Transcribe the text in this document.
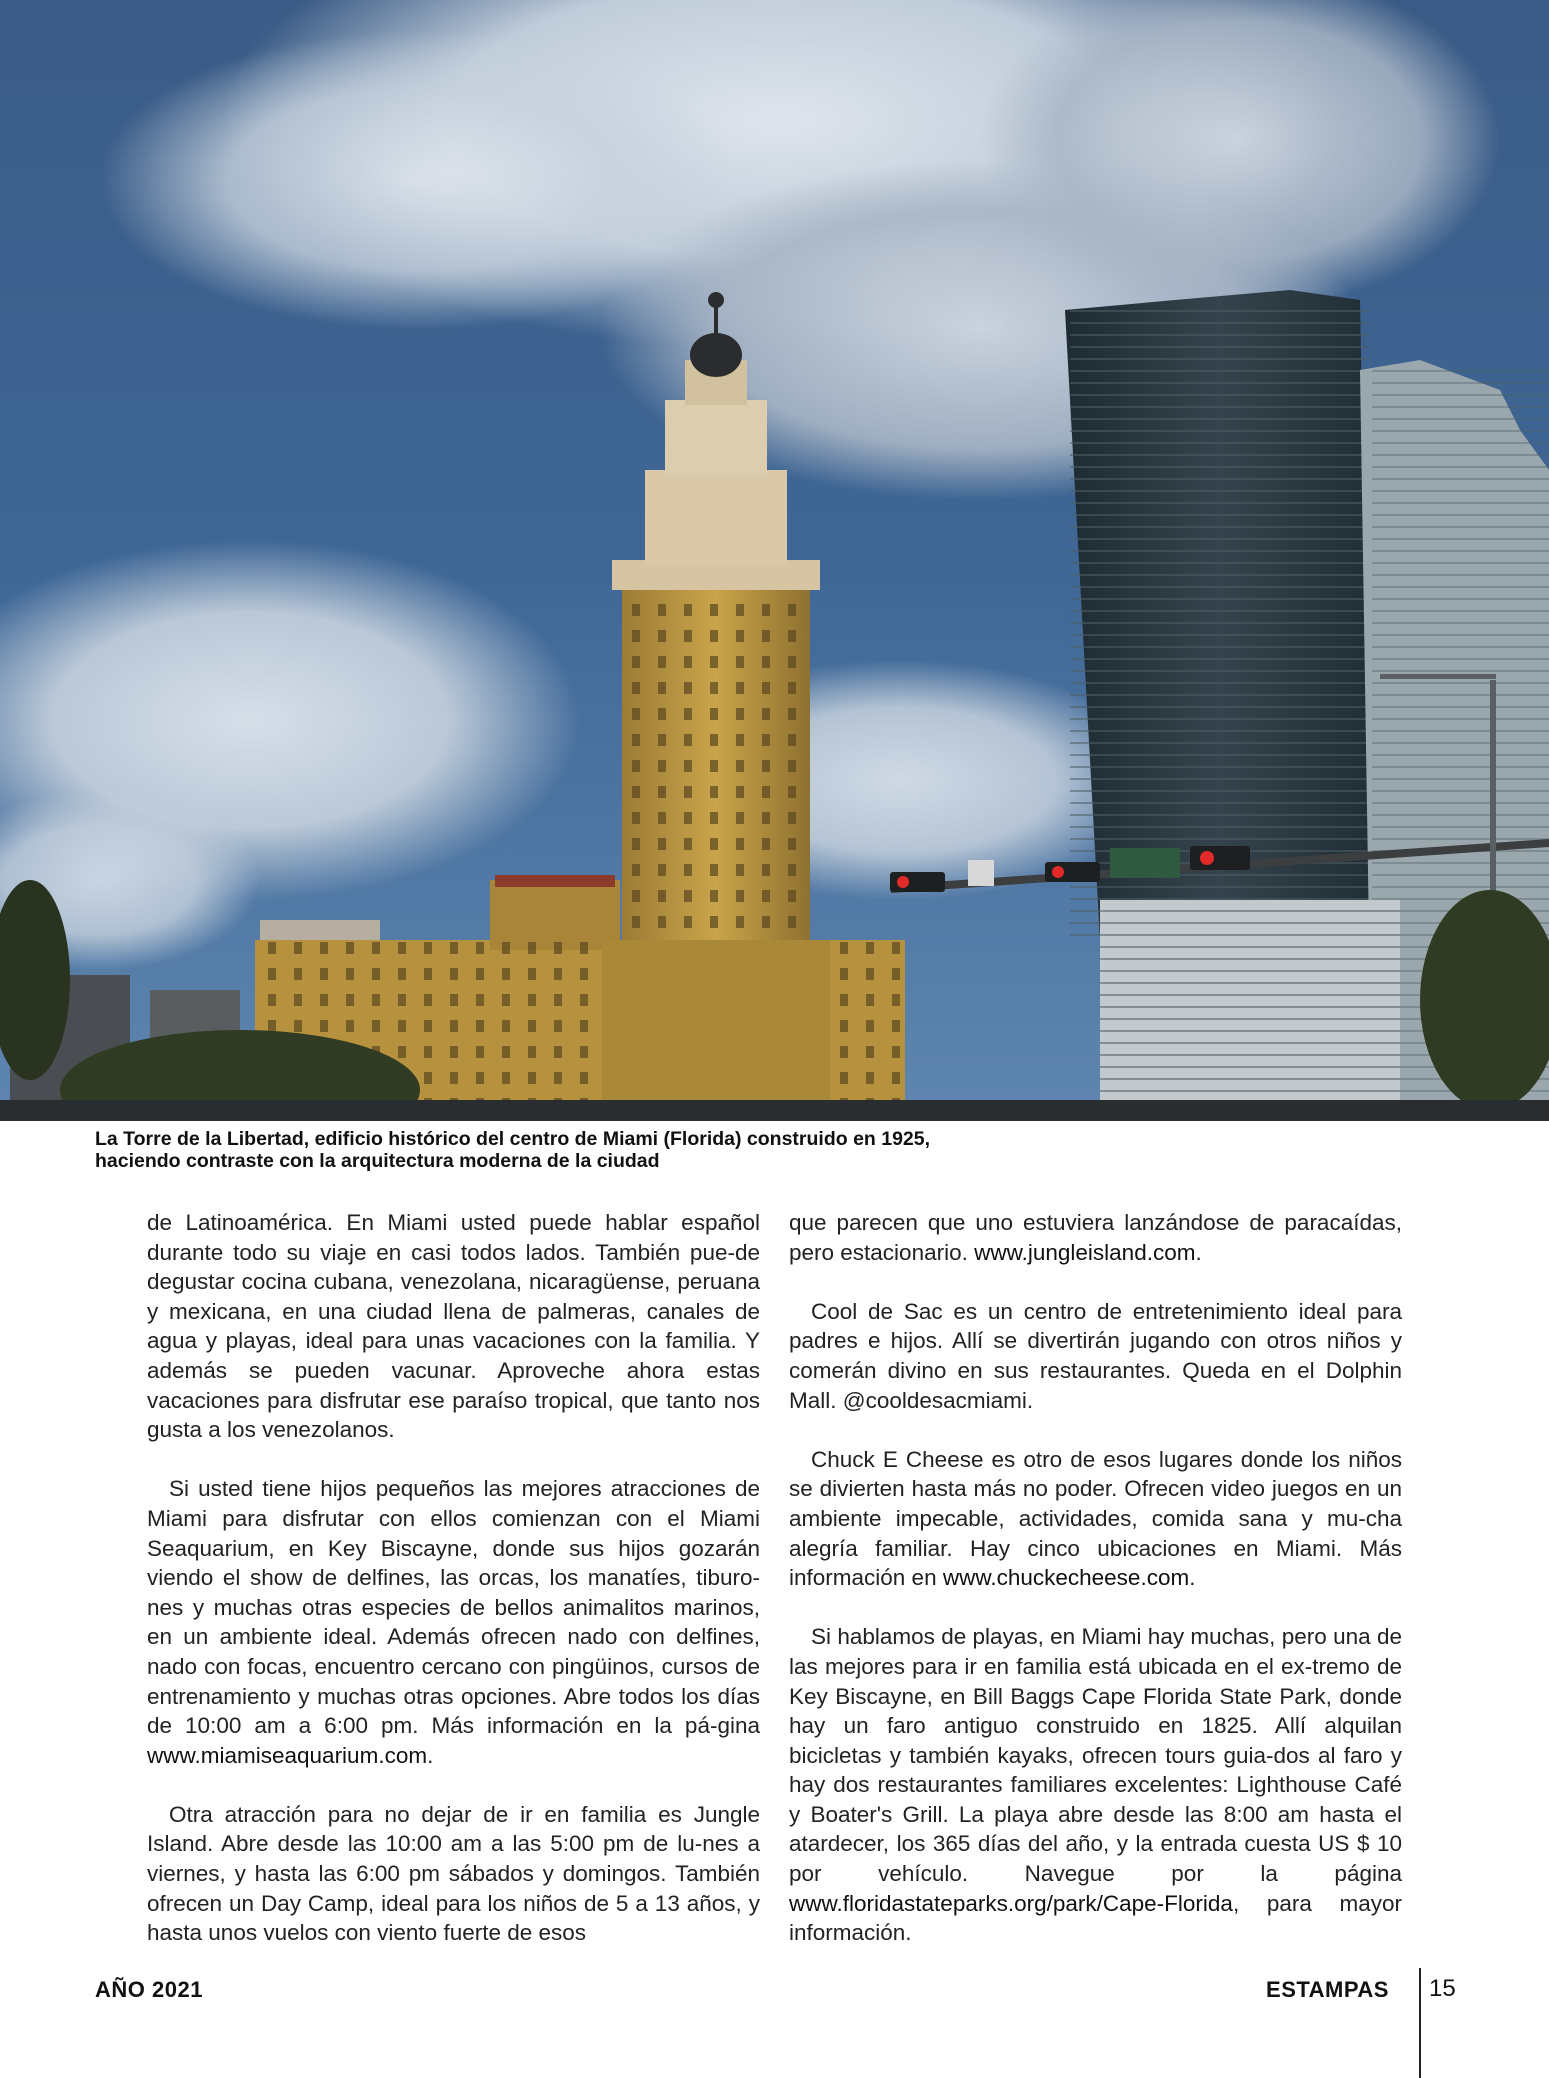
La Torre de la Libertad, edificio histórico del centro de Miami (Florida) construido en 1925,
haciendo contraste con la arquitectura moderna de la ciudad

de Latinoamérica. En Miami usted puede hablar español durante todo su viaje en casi todos lados. También pue-de degustar cocina cubana, venezolana, nicaragüense, peruana y mexicana, en una ciudad llena de palmeras, canales de agua y playas, ideal para unas vacaciones con la familia. Y además se pueden vacunar. Aproveche ahora estas vacaciones para disfrutar ese paraíso tropical, que tanto nos gusta a los venezolanos.

Si usted tiene hijos pequeños las mejores atracciones de Miami para disfrutar con ellos comienzan con el Miami Seaquarium, en Key Biscayne, donde sus hijos gozarán viendo el show de delfines, las orcas, los manatíes, tiburo-nes y muchas otras especies de bellos animalitos marinos, en un ambiente ideal. Además ofrecen nado con delfines, nado con focas, encuentro cercano con pingüinos, cursos de entrenamiento y muchas otras opciones. Abre todos los días de 10:00 am a 6:00 pm. Más información en la pá-gina www.miamiseaquarium.com.

Otra atracción para no dejar de ir en familia es Jungle Island. Abre desde las 10:00 am a las 5:00 pm de lu-nes a viernes, y hasta las 6:00 pm sábados y domingos. También ofrecen un Day Camp, ideal para los niños de 5 a 13 años, y hasta unos vuelos con viento fuerte de esos

que parecen que uno estuviera lanzándose de paracaídas, pero estacionario. www.jungleisland.com.

Cool de Sac es un centro de entretenimiento ideal para padres e hijos. Allí se divertirán jugando con otros niños y comerán divino en sus restaurantes. Queda en el Dolphin Mall. @cooldesacmiami.

Chuck E Cheese es otro de esos lugares donde los niños se divierten hasta más no poder. Ofrecen video juegos en un ambiente impecable, actividades, comida sana y mu-cha alegría familiar. Hay cinco ubicaciones en Miami. Más información en www.chuckecheese.com.

Si hablamos de playas, en Miami hay muchas, pero una de las mejores para ir en familia está ubicada en el ex-tremo de Key Biscayne, en Bill Baggs Cape Florida State Park, donde hay un faro antiguo construido en 1825. Allí alquilan bicicletas y también kayaks, ofrecen tours guia-dos al faro y hay dos restaurantes familiares excelentes: Lighthouse Café y Boater's Grill. La playa abre desde las 8:00 am hasta el atardecer, los 365 días del año, y la entrada cuesta US $ 10 por vehículo. Navegue por la página www.floridastateparks.org/park/Cape-Florida, para mayor información.

AÑO 2021	ESTAMPAS 15
